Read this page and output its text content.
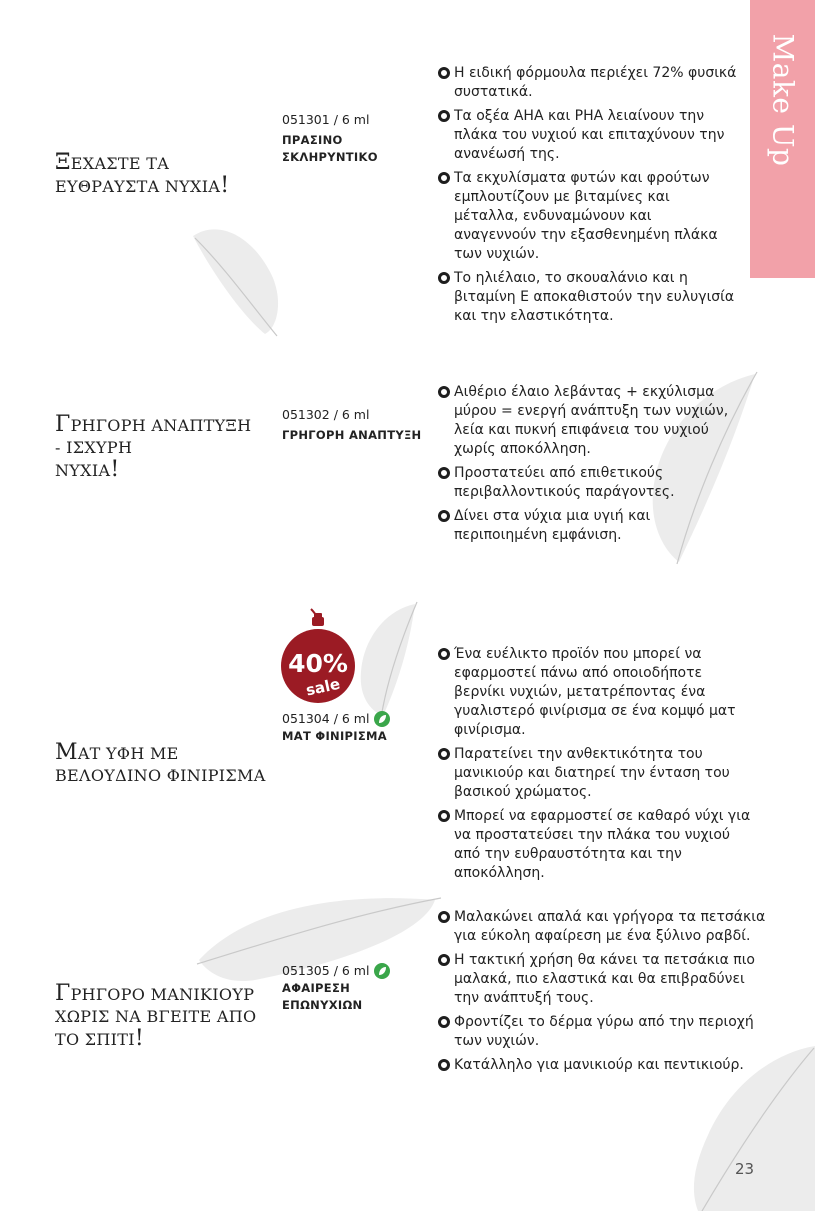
Make Up
ΞΕΧΑΣΤΕ ΤΑ
ΕΥΘΡΑΥΣΤΑ ΝΥΧΙΑ!
051301 / 6 ml
ΠΡΑΣΙΝΟ
ΣΚΛΗΡΥΝΤΙΚΟ
Η ειδική φόρμουλα περιέχει 72% φυσικά συστατικά.
Τα οξέα AHA και PHA λειαίνουν την πλάκα του νυχιού και επιταχύνουν την ανανέωσή της.
Τα εκχυλίσματα φυτών και φρούτων εμπλουτίζουν με βιταμίνες και μέταλλα, ενδυναμώνουν και αναγεννούν την εξασθενημένη πλάκα των νυχιών.
Το ηλιέλαιο, το σκουαλάνιο και η βιταμίνη Ε αποκαθιστούν την ευλυγισία και την ελαστικότητα.
ΓΡΗΓΟΡΗ ΑΝΑΠΤΥΞΗ
- ΙΣΧΥΡΗ
ΝΥΧΙΑ!
051302 / 6 ml
ΓΡΗΓΟΡΗ ΑΝΑΠΤΥΞΗ
Αιθέριο έλαιο λεβάντας + εκχύλισμα μύρου = ενεργή ανάπτυξη των νυχιών, λεία και πυκνή επιφάνεια του νυχιού χωρίς αποκόλληση.
Προστατεύει από επιθετικούς περιβαλλοντικούς παράγοντες.
Δίνει στα νύχια μια υγιή και περιποιημένη εμφάνιση.
ΜΑΤ ΥΦΗ ΜΕ
ΒΕΛΟΥΔΙΝΟ ΦΙΝΙΡΙΣΜΑ
40%
sale
051304 / 6 ml
ΜΑΤ ΦΙΝΙΡΙΣΜΑ
Ένα ευέλικτο προϊόν που μπορεί να εφαρμοστεί πάνω από οποιοδήποτε βερνίκι νυχιών, μετατρέποντας ένα γυαλιστερό φινίρισμα σε ένα κομψό ματ φινίρισμα.
Παρατείνει την ανθεκτικότητα του μανικιούρ και διατηρεί την ένταση του βασικού χρώματος.
Μπορεί να εφαρμοστεί σε καθαρό νύχι για να προστατεύσει την πλάκα του νυχιού από την ευθραυστότητα και την αποκόλληση.
ΓΡΗΓΟΡΟ ΜΑΝΙΚΙΟΥΡ
ΧΩΡΙΣ ΝΑ ΒΓΕΙΤΕ ΑΠΟ
ΤΟ ΣΠΙΤΙ!
051305 / 6 ml
ΑΦΑΙΡΕΣΗ
ΕΠΩΝΥΧΙΩΝ
Μαλακώνει απαλά και γρήγορα τα πετσάκια για εύκολη αφαίρεση με ένα ξύλινο ραβδί.
Η τακτική χρήση θα κάνει τα πετσάκια πιο μαλακά, πιο ελαστικά και θα επιβραδύνει την ανάπτυξή τους.
Φροντίζει το δέρμα γύρω από την περιοχή των νυχιών.
Κατάλληλο για μανικιούρ και πεντικιούρ.
23
